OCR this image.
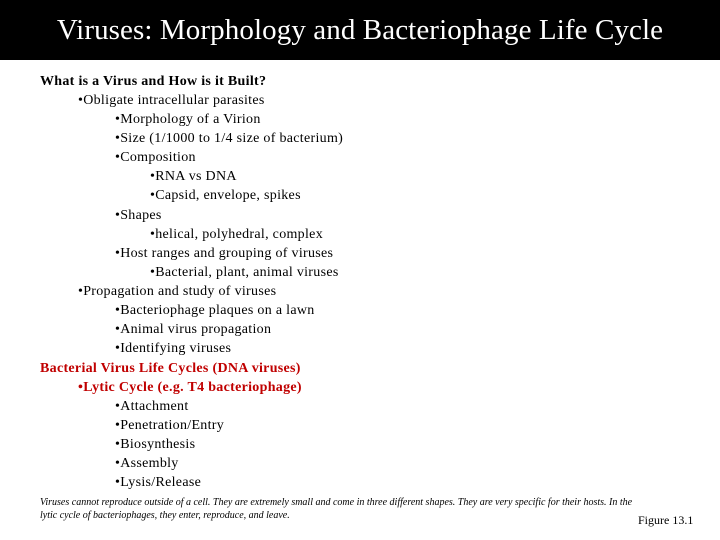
Viruses: Morphology and Bacteriophage Life Cycle
What is a Virus and How is it Built?
• Obligate intracellular parasites
• Morphology of a Virion
• Size (1/1000 to 1/4 size of bacterium)
• Composition
• RNA vs DNA
• Capsid, envelope, spikes
• Shapes
• helical, polyhedral, complex
• Host ranges and grouping of viruses
• Bacterial, plant, animal viruses
• Propagation and study of viruses
• Bacteriophage plaques on a lawn
• Animal virus propagation
• Identifying viruses
Bacterial Virus Life Cycles (DNA viruses)
• Lytic Cycle (e.g. T4 bacteriophage)
• Attachment
• Penetration/Entry
• Biosynthesis
• Assembly
• Lysis/Release

Viruses cannot reproduce outside of a cell. They are extremely small and come in three different shapes. They are very specific for their hosts. In the lytic cycle of bacteriophages, they enter, reproduce, and leave.	Figure 13.1
